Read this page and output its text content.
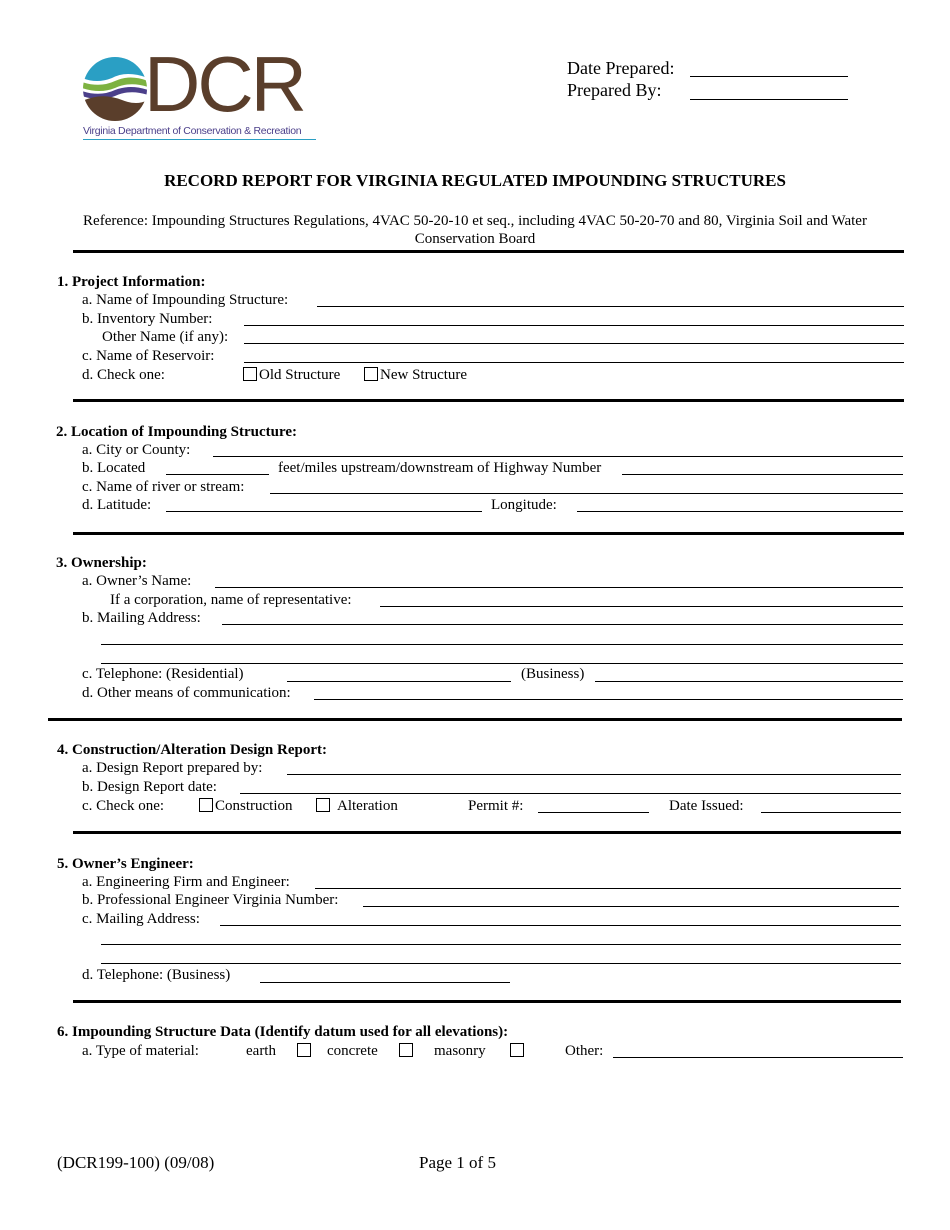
DCR
Virginia Department of Conservation & Recreation
Date Prepared:
Prepared By:
RECORD REPORT FOR VIRGINIA REGULATED IMPOUNDING STRUCTURES
Reference: Impounding Structures Regulations, 4VAC 50-20-10 et seq., including 4VAC 50-20-70 and 80, Virginia Soil and Water
Conservation Board
1. Project Information:
a. Name of Impounding Structure:
b. Inventory Number:
Other Name (if any):
c. Name of Reservoir:
d. Check one:	Old Structure	New Structure
2. Location of Impounding Structure:
a. City or County:
b. Located	feet/miles upstream/downstream of Highway Number
c. Name of river or stream:
d. Latitude:	Longitude:
3. Ownership:
a. Owner’s Name:
If a corporation, name of representative:
b. Mailing Address:
c. Telephone: (Residential)	(Business)
d. Other means of communication:
4. Construction/Alteration Design Report:
a. Design Report prepared by:
b. Design Report date:
c. Check one:	Construction	Alteration	Permit #:	Date Issued:
5. Owner’s Engineer:
a. Engineering Firm and Engineer:
b. Professional Engineer Virginia Number:
c. Mailing Address:
d. Telephone: (Business)
6. Impounding Structure Data (Identify datum used for all elevations):
a. Type of material:	earth	concrete	masonry	Other:
(DCR199-100) (09/08)	Page 1 of 5
